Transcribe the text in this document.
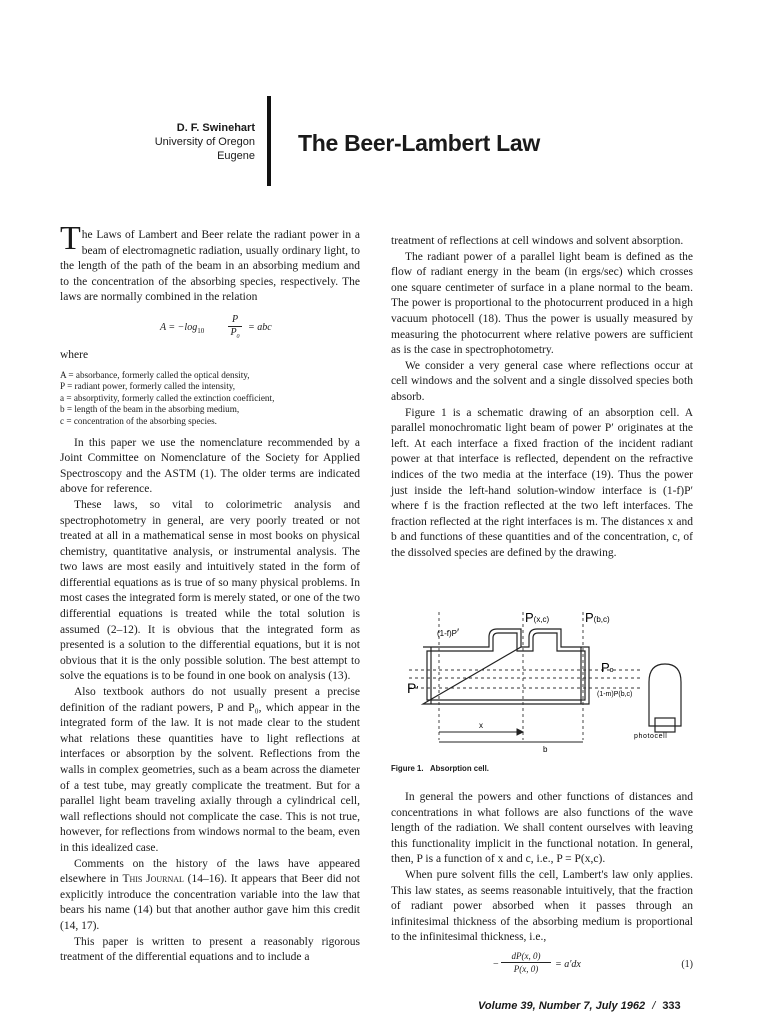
D. F. Swinehart
University of Oregon
Eugene The Beer-Lambert Law

The Laws of Lambert and Beer relate the radiant power in a beam of electromagnetic radiation, usually ordinary light, to the length of the path of the beam in an absorbing medium and to the concentration of the absorbing species, respectively. The laws are normally combined in the relation

$A = -\log_{10}$
P
$P_0$
= abc

where

A = absorbance, formerly called the optical density,
P = radiant power, formerly called the intensity,
a = absorptivity, formerly called the extinction coefficient,
b = length of the beam in the absorbing medium,
c = concentration of the absorbing species.

In this paper we use the nomenclature recommended by a Joint Committee on Nomenclature of the Society for Applied Spectroscopy and the ASTM (1). The older terms are indicated above for reference.

These laws, so vital to colorimetric analysis and spectrophotometry in general, are very poorly treated or not treated at all in a mathematical sense in most books on physical chemistry, quantitative analysis, or instrumental analysis. The two laws are most easily and intuitively stated in the form of differential equations as is true of so many physical problems. In most cases the integrated form is merely stated, or one of the two differential equations is treated while the total solution is assumed (2–12). It is obvious that the integrated form as presented is a solution to the differential equations, but it is not obvious that it is the only possible solution. The best attempt to solve the equations is to be found in one book on analysis (13).

Also textbook authors do not usually present a precise definition of the radiant powers, P and P₀, which appear in the integrated form of the law. It is not made clear to the student what relations these quantities have to light reflections at interfaces or absorption by the solvent. Reflections from the walls in complex geometries, such as a beam across the diameter of a test tube, may greatly complicate the treatment. But for a parallel light beam traveling axially through a cylindrical cell, wall reflections should not complicate the case. This is not true, however, for reflections from windows normal to the beam, even in this idealized case.

Comments on the history of the laws have appeared elsewhere in This Journal (14–16). It appears that Beer did not explicitly introduce the concentration variable into the law that bears his name (14) but that another author gave him this credit (14, 17).

This paper is written to present a reasonably rigorous treatment of the differential equations and to include a

treatment of reflections at cell windows and solvent absorption.

The radiant power of a parallel light beam is defined as the flow of radiant energy in the beam (in ergs/sec) which crosses one square centimeter of surface in a plane normal to the beam. The power is proportional to the photocurrent produced in a high vacuum photocell (18). Thus the power is usually measured by measuring the photocurrent where relative powers are sufficient as is the case in spectrophotometry.

We consider a very general case where reflections occur at cell windows and the solvent and a single dissolved species both absorb.

Figure 1 is a schematic drawing of an absorption cell. A parallel monochromatic light beam of power P′ originates at the left. At each interface a fixed fraction of the incident radiant power at that interface is reflected, dependent on the refractive indices of the two media at the interface (19). Thus the power just inside the left-hand solution-window interface is (1-f)P′ where f is the fraction reflected at the two left interfaces. The fraction reflected at the right interfaces is m. The distances x and b and functions of these quantities and of the concentration, c, of the dissolved species are defined by the drawing.

(1-f)P′
P(x,c)	P(b,c)
Po
P′	(1-m)P(b,c)
x
b
photocell
Figure 1. Absorption cell.

In general the powers and other functions of distances and concentrations in what follows are also functions of the wave length of the radiation. We shall content ourselves with leaving this functionality implicit in the functional notation. In general, then, P is a function of x and c, i.e., P = P(x,c).

When pure solvent fills the cell, Lambert's law only applies. This law states, as seems reasonable intuitively, that the fraction of radiant power absorbed when it passes through an infinitesimal thickness of the absorbing medium is proportional to the infinitesimal thickness, i.e.,

−
dP(x, 0)
P(x, 0)	= a′dx	(1)
Volume 39, Number 7, July 1962 / 333
